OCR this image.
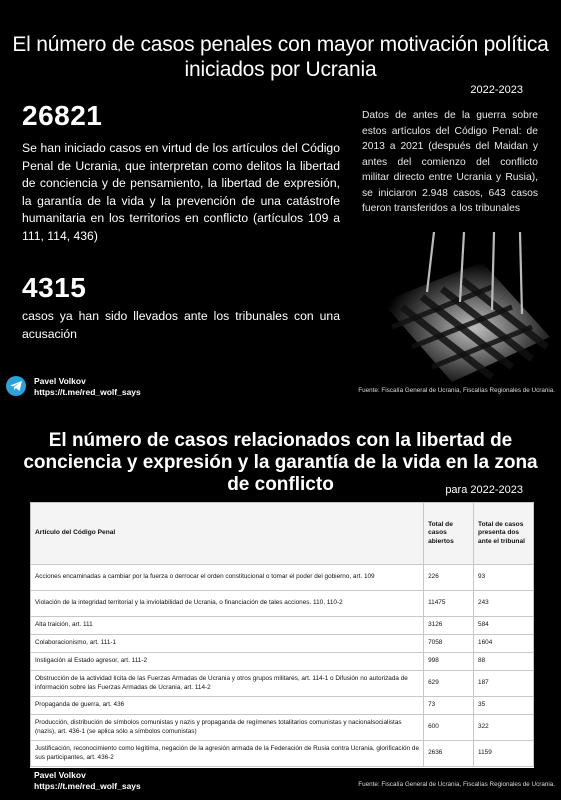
El número de casos penales con mayor motivación política iniciados por Ucrania
2022-2023
26821

Se han iniciado casos en virtud de los artículos del Código Penal de Ucrania, que interpretan como delitos la libertad de conciencia y de pensamiento, la libertad de expresión, la garantía de la vida y la prevención de una catástrofe humanitaria en los territorios en conflicto (artículos 109 a 111, 114, 436)

4315

casos ya han sido llevados ante los tribunales con una acusación

Datos de antes de la guerra sobre estos artículos del Código Penal: de 2013 a 2021 (después del Maidan y antes del comienzo del conflicto militar directo entre Ucrania y Rusia), se iniciaron 2.948 casos, 643 casos fueron transferidos a los tribunales

Pavel Volkov
https://t.me/red_wolf_says	Fuente: Fiscalía General de Ucrania, Fiscalías Regionales de Ucrania.
El número de casos relacionados con la libertad de conciencia y expresión y la garantía de la vida en la zona de conflicto	para 2022-2023
Artículo del Código Penal	Total de casos abiertos	Total de casos presenta dos ante el tribunal
Acciones encaminadas a cambiar por la fuerza o derrocar el orden constitucional o tomar el poder del gobierno, art. 109	226	93
Violación de la integridad territorial y la inviolabilidad de Ucrania, o financiación de tales acciones. 110, 110-2	11475	243
Alta traición, art. 111	3126	584
Colaboracionismo, art. 111-1	7058	1604
Instigación al Estado agresor, art. 111-2	998	88
Obstrucción de la actividad lícita de las Fuerzas Armadas de Ucrania y otros grupos militares, art. 114-1 o Difusión no autorizada de información sobre las Fuerzas Armadas de Ucrania, art. 114-2	629	187
Propaganda de guerra, art. 436	73	35
Producción, distribución de símbolos comunistas y nazis y propaganda de regímenes totalitarios comunistas y nacionalsocialistas (nazis), art. 436-1 (se aplica sólo a símbolos comunistas)	600	322
Justificación, reconocimiento como legítima, negación de la agresión armada de la Federación de Rusia contra Ucrania, glorificación de sus participantes, art. 436-2	2636	1159
Pavel Volkov
https://t.me/red_wolf_says	Fuente: Fiscalía General de Ucrania, Fiscalías Regionales de Ucrania.
